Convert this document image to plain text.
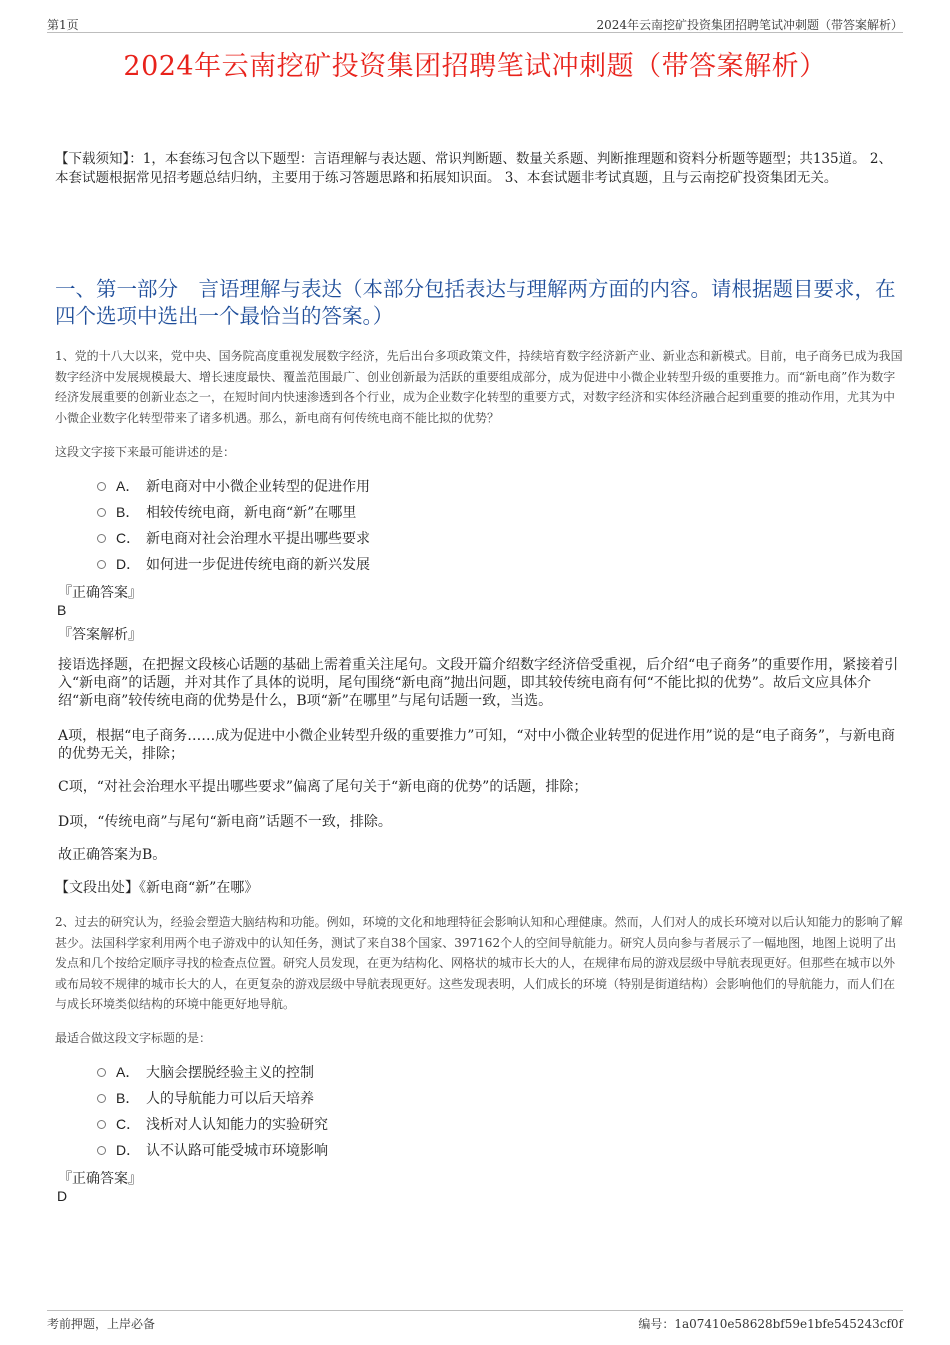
第1页	2024年云南挖矿投资集团招聘笔试冲刺题（带答案解析）
2024年云南挖矿投资集团招聘笔试冲刺题（带答案解析）
【下载须知】：1，本套练习包含以下题型：言语理解与表达题、常识判断题、数量关系题、判断推理题和资料分析题等题型；共135道。 2、本套试题根据常见招考题总结归纳，主要用于练习答题思路和拓展知识面。 3、本套试题非考试真题，且与云南挖矿投资集团无关。
一、第一部分　言语理解与表达（本部分包括表达与理解两方面的内容。请根据题目要求，在四个选项中选出一个最恰当的答案。）
1、党的十八大以来，党中央、国务院高度重视发展数字经济，先后出台多项政策文件，持续培育数字经济新产业、新业态和新模式。目前，电子商务已成为我国数字经济中发展规模最大、增长速度最快、覆盖范围最广、创业创新最为活跃的重要组成部分，成为促进中小微企业转型升级的重要推力。而“新电商”作为数字经济发展重要的创新业态之一，在短时间内快速渗透到各个行业，成为企业数字化转型的重要方式，对数字经济和实体经济融合起到重要的推动作用，尤其为中小微企业数字化转型带来了诸多机遇。那么，新电商有何传统电商不能比拟的优势？
这段文字接下来最可能讲述的是：
A． 新电商对中小微企业转型的促进作用
B． 相较传统电商，新电商“新”在哪里
C． 新电商对社会治理水平提出哪些要求
D． 如何进一步促进传统电商的新兴发展
『正确答案』
B
『答案解析』
接语选择题，在把握文段核心话题的基础上需着重关注尾句。文段开篇介绍数字经济倍受重视，后介绍“电子商务”的重要作用，紧接着引入“新电商”的话题，并对其作了具体的说明，尾句围绕“新电商”抛出问题，即其较传统电商有何“不能比拟的优势”。故后文应具体介绍“新电商”较传统电商的优势是什么，B项“新”在哪里”与尾句话题一致，当选。
A项，根据“电子商务……成为促进中小微企业转型升级的重要推力”可知，“对中小微企业转型的促进作用”说的是“电子商务”，与新电商的优势无关，排除；
C项，“对社会治理水平提出哪些要求”偏离了尾句关于“新电商的优势”的话题，排除；
D项，“传统电商”与尾句“新电商”话题不一致，排除。
故正确答案为B。
【文段出处】《新电商“新”在哪》
2、过去的研究认为，经验会塑造大脑结构和功能。例如，环境的文化和地理特征会影响认知和心理健康。然而，人们对人的成长环境对以后认知能力的影响了解甚少。法国科学家利用两个电子游戏中的认知任务，测试了来自38个国家、397162个人的空间导航能力。研究人员向参与者展示了一幅地图，地图上说明了出发点和几个按给定顺序寻找的检查点位置。研究人员发现，在更为结构化、网格状的城市长大的人，在规律布局的游戏层级中导航表现更好。但那些在城市以外或布局较不规律的城市长大的人，在更复杂的游戏层级中导航表现更好。这些发现表明，人们成长的环境（特别是街道结构）会影响他们的导航能力，而人们在与成长环境类似结构的环境中能更好地导航。
最适合做这段文字标题的是：
A． 大脑会摆脱经验主义的控制
B． 人的导航能力可以后天培养
C． 浅析对人认知能力的实验研究
D． 认不认路可能受城市环境影响
『正确答案』
D
考前押题，上岸必备	编号：1a07410e58628bf59e1bfe545243cf0f
